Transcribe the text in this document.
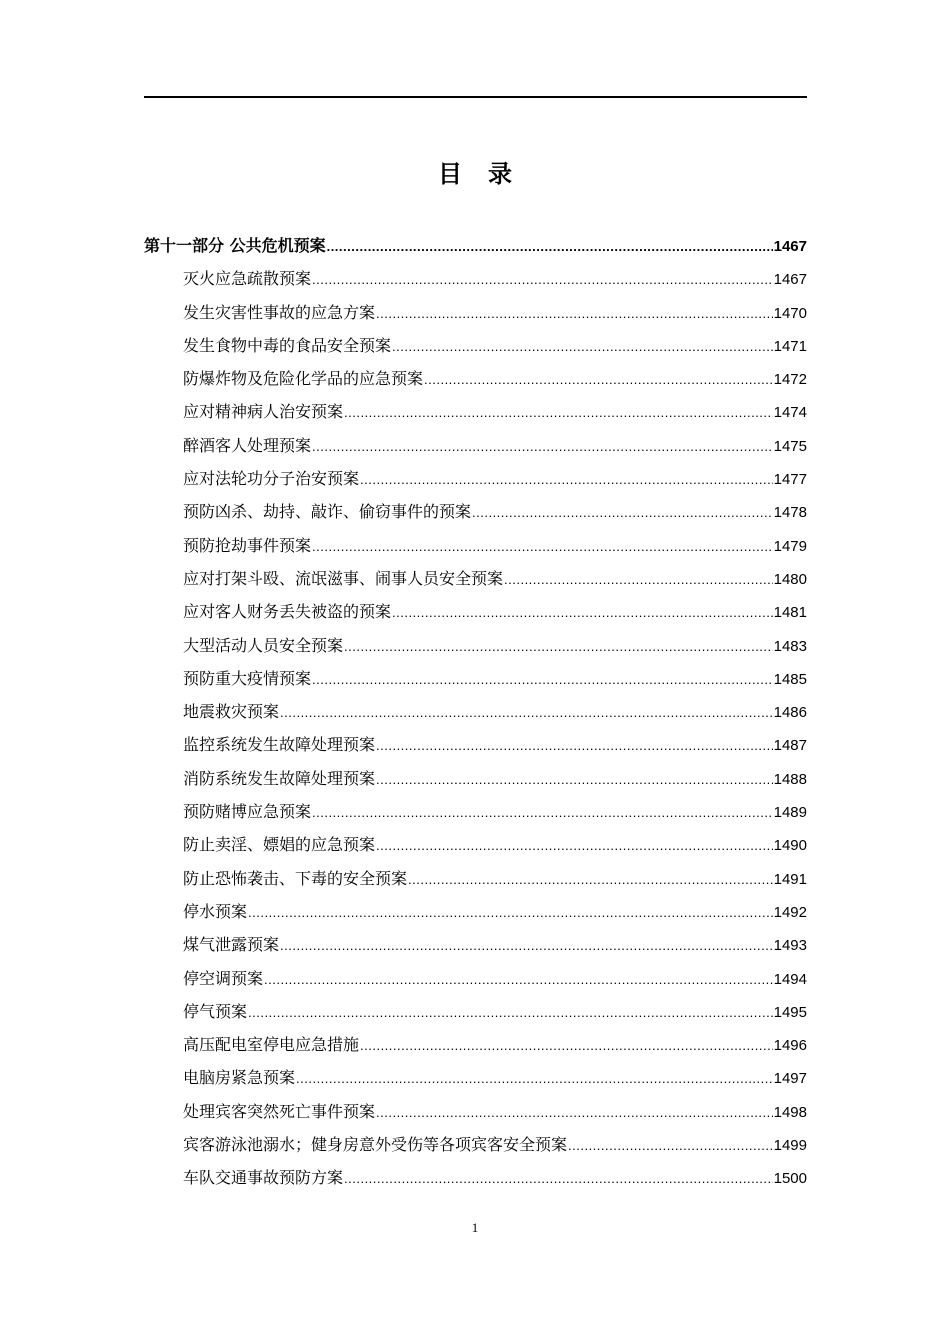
目 录
第十一部分 公共危机预案 .....	1467
灭火应急疏散预案 .....	1467
发生灾害性事故的应急方案 .....	1470
发生食物中毒的食品安全预案 .....	1471
防爆炸物及危险化学品的应急预案 .....	1472
应对精神病人治安预案 .....	1474
醉酒客人处理预案 .....	1475
应对法轮功分子治安预案 .....	1477
预防凶杀、劫持、敲诈、偷窃事件的预案 .....	1478
预防抢劫事件预案 .....	1479
应对打架斗殴、流氓滋事、闹事人员安全预案 .....	1480
应对客人财务丢失被盗的预案 .....	1481
大型活动人员安全预案 .....	1483
预防重大疫情预案 .....	1485
地震救灾预案 .....	1486
监控系统发生故障处理预案 .....	1487
消防系统发生故障处理预案 .....	1488
预防赌博应急预案 .....	1489
防止卖淫、嫖娼的应急预案 .....	1490
防止恐怖袭击、下毒的安全预案 .....	1491
停水预案 .....	1492
煤气泄露预案 .....	1493
停空调预案 .....	1494
停气预案 .....	1495
高压配电室停电应急措施 .....	1496
电脑房紧急预案 .....	1497
处理宾客突然死亡事件预案 .....	1498
宾客游泳池溺水；健身房意外受伤等各项宾客安全预案 .....	1499
车队交通事故预防方案 .....	1500
1
